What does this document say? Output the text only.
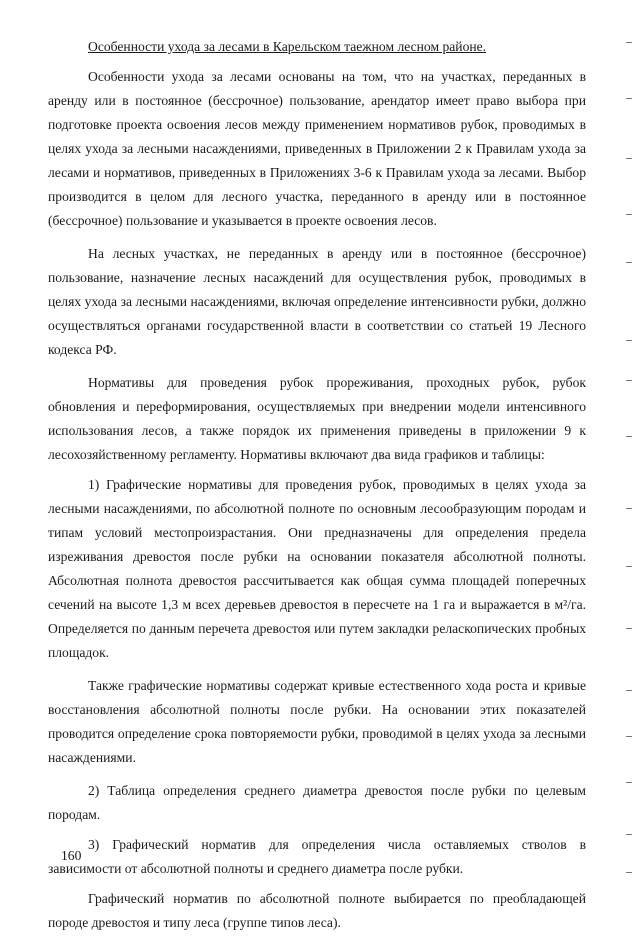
Особенности ухода за лесами в Карельском таежном лесном районе.

Особенности ухода за лесами основаны на том, что на участках, переданных в аренду или в постоянное (бессрочное) пользование, арендатор имеет право выбора при подготовке проекта освоения лесов между применением нормативов рубок, проводимых в целях ухода за лесными насаждениями, приведенных в Приложении 2 к Правилам ухода за лесами и нормативов, приведенных в Приложениях 3-6 к Правилам ухода за лесами. Выбор производится в целом для лесного участка, переданного в аренду или в постоянное (бессрочное) пользование и указывается в проекте освоения лесов.

На лесных участках, не переданных в аренду или в постоянное (бессрочное) пользование, назначение лесных насаждений для осуществления рубок, проводимых в целях ухода за лесными насаждениями, включая определение интенсивности рубки, должно осуществляться органами государственной власти в соответствии со статьей 19 Лесного кодекса РФ.

Нормативы для проведения рубок прореживания, проходных рубок, рубок обновления и переформирования, осуществляемых при внедрении модели интенсивного использования лесов, а также порядок их применения приведены в приложении 9 к лесохозяйственному регламенту. Нормативы включают два вида графиков и таблицы:

1) Графические нормативы для проведения рубок, проводимых в целях ухода за лесными насаждениями, по абсолютной полноте по основным лесообразующим породам и типам условий местопроизрастания. Они предназначены для определения предела изреживания древостоя после рубки на основании показателя абсолютной полноты. Абсолютная полнота древостоя рассчитывается как общая сумма площадей поперечных сечений на высоте 1,3 м всех деревьев древостоя в пересчете на 1 га и выражается в м²/га. Определяется по данным перечета древостоя или путем закладки реласкопических пробных площадок.

Также графические нормативы содержат кривые естественного хода роста и кривые восстановления абсолютной полноты после рубки. На основании этих показателей проводится определение срока повторяемости рубки, проводимой в целях ухода за лесными насаждениями.

2) Таблица определения среднего диаметра древостоя после рубки по целевым породам.

3) Графический норматив для определения числа оставляемых стволов в зависимости от абсолютной полноты и среднего диаметра после рубки.

Графический норматив по абсолютной полноте выбирается по преобладающей породе древостоя и типу леса (группе типов леса).

160
